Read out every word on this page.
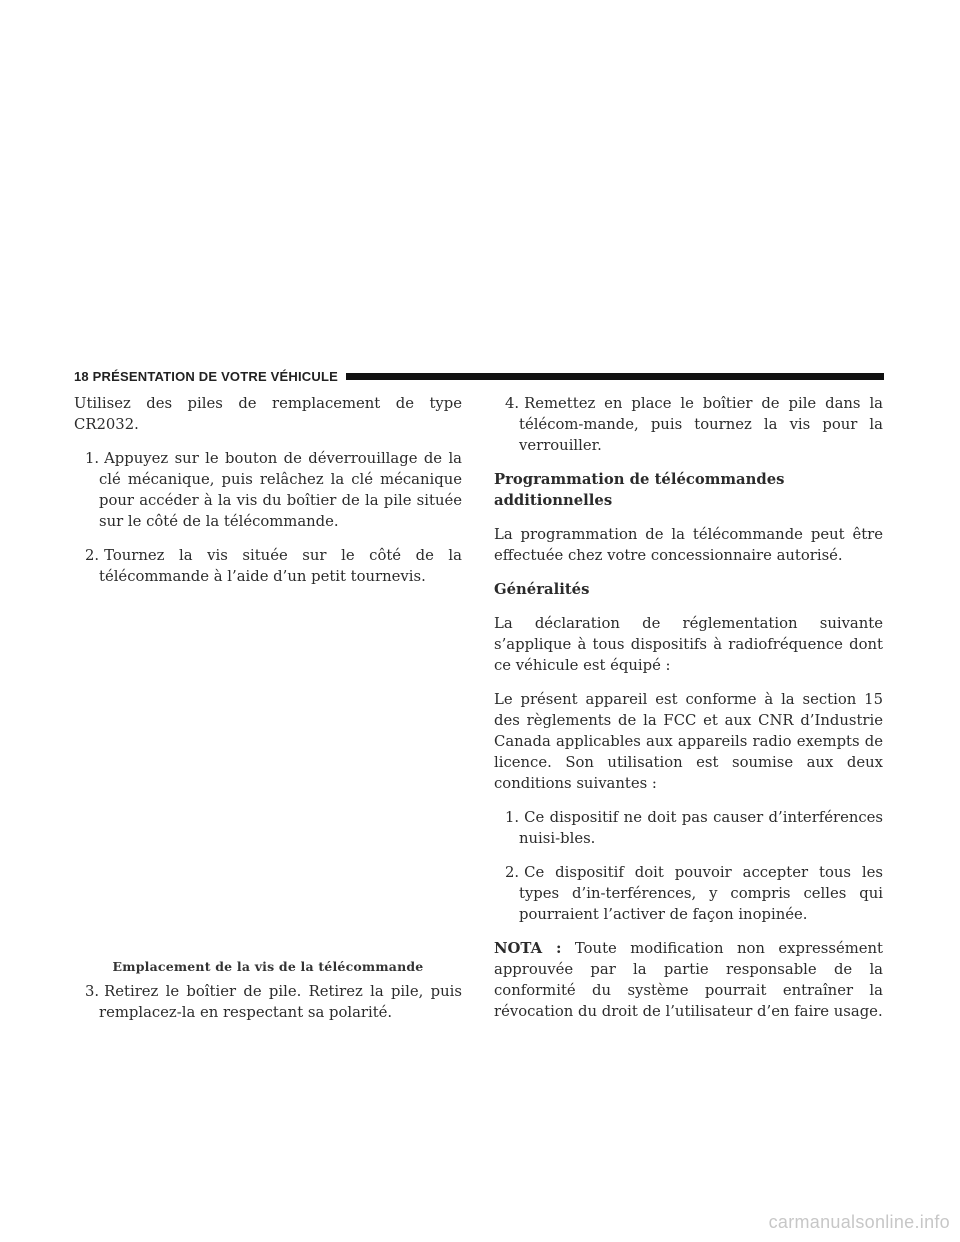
18 PRÉSENTATION DE VOTRE VÉHICULE

Utilisez des piles de remplacement de type CR2032.

1. Appuyez sur le bouton de déverrouillage de la clé mécanique, puis relâchez la clé mécanique pour accéder à la vis du boîtier de la pile située sur le côté de la télécommande.
2. Tournez la vis située sur le côté de la télécommande à l’aide d’un petit tournevis.
Emplacement de la vis de la télécommande
3. Retirez le boîtier de pile. Retirez la pile, puis remplacez-la en respectant sa polarité.
4. Remettez en place le boîtier de pile dans la télécom-mande, puis tournez la vis pour la verrouiller.
Programmation de télécommandes additionnelles

La programmation de la télécommande peut être effectuée chez votre concessionnaire autorisé.

Généralités

La déclaration de réglementation suivante s’applique à tous dispositifs à radiofréquence dont ce véhicule est équipé :

Le présent appareil est conforme à la section 15 des règlements de la FCC et aux CNR d’Industrie Canada applicables aux appareils radio exempts de licence. Son utilisation est soumise aux deux conditions suivantes :

1. Ce dispositif ne doit pas causer d’interférences nuisi-bles.
2. Ce dispositif doit pouvoir accepter tous les types d’in-terférences, y compris celles qui pourraient l’activer de façon inopinée.

NOTA : Toute modification non expressément approuvée par la partie responsable de la conformité du système pourrait entraîner la révocation du droit de l’utilisateur d’en faire usage.

carmanualsonline.info
